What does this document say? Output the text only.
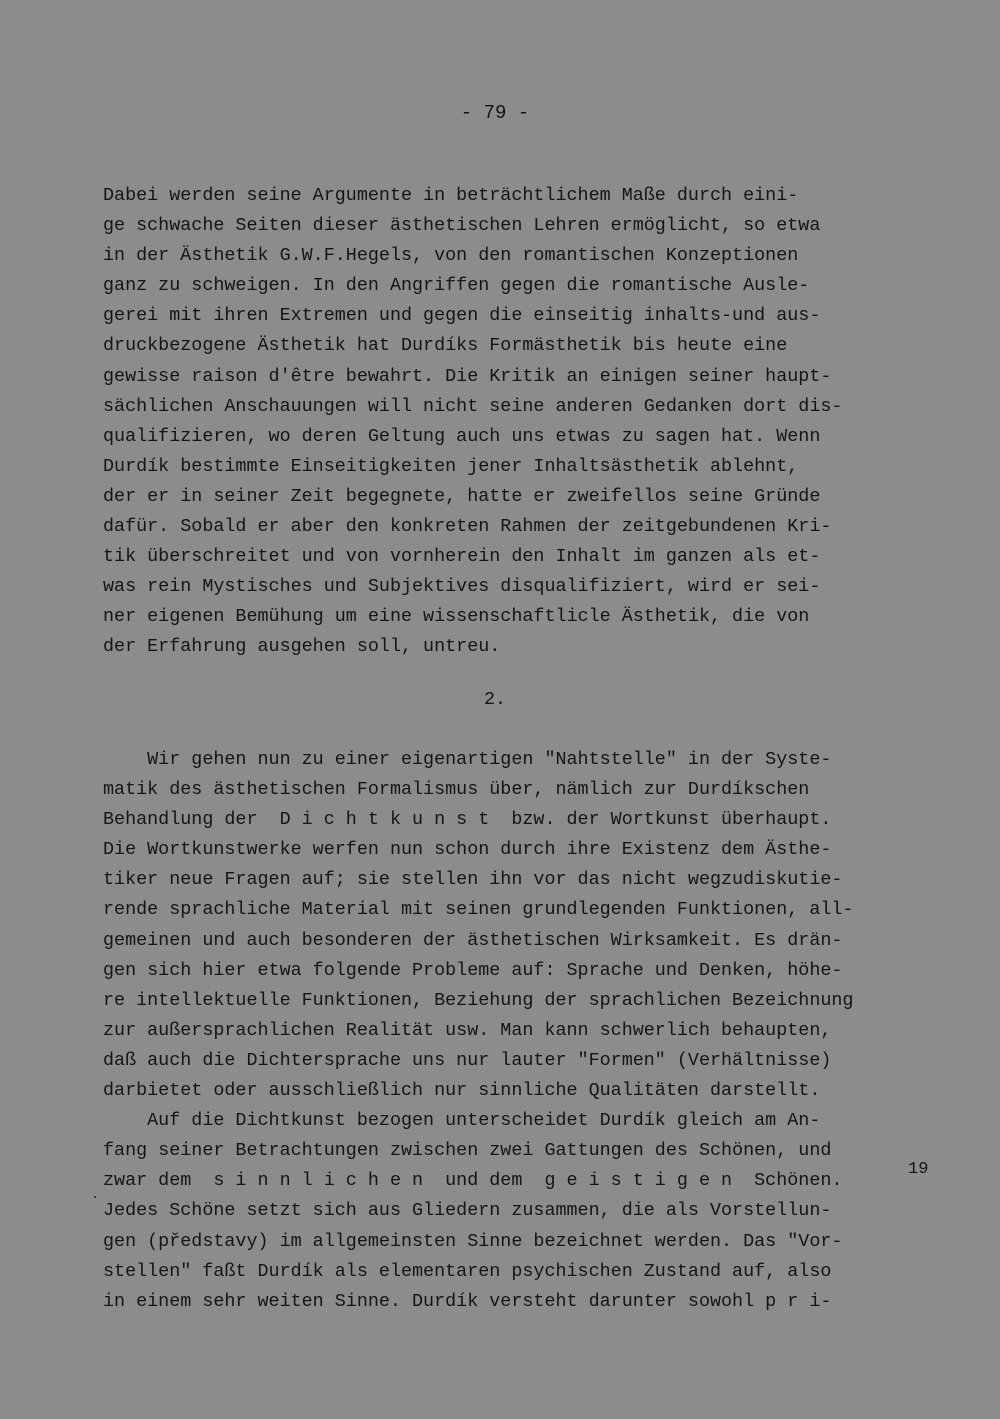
- 79 -
Dabei werden seine Argumente in beträchtlichem Maße durch eini-
ge schwache Seiten dieser ästhetischen Lehren ermöglicht, so etwa
in der Ästhetik G.W.F.Hegels, von den romantischen Konzeptionen
ganz zu schweigen. In den Angriffen gegen die romantische Ausle-
gerei mit ihren Extremen und gegen die einseitig inhalts-und aus-
druckbezogene Ästhetik hat Durdíks Formästhetik bis heute eine
gewisse raison d'être bewahrt. Die Kritik an einigen seiner haupt-
sächlichen Anschauungen will nicht seine anderen Gedanken dort dis-
qualifizieren, wo deren Geltung auch uns etwas zu sagen hat. Wenn
Durdík bestimmte Einseitigkeiten jener Inhaltsästhetik ablehnt,
der er in seiner Zeit begegnete, hatte er zweifellos seine Gründe
dafür. Sobald er aber den konkreten Rahmen der zeitgebundenen Kri-
tik überschreitet und von vornherein den Inhalt im ganzen als et-
was rein Mystisches und Subjektives disqualifiziert, wird er sei-
ner eigenen Bemühung um eine wissenschaftlicle Ästhetik, die von
der Erfahrung ausgehen soll, untreu.
2.
Wir gehen nun zu einer eigenartigen "Nahtstelle" in der Syste-
matik des ästhetischen Formalismus über, nämlich zur Durdíkschen
Behandlung der  D i c h t k u n s t  bzw. der Wortkunst überhaupt.
Die Wortkunstwerke werfen nun schon durch ihre Existenz dem Ästhe-
tiker neue Fragen auf; sie stellen ihn vor das nicht wegzudiskutie-
rende sprachliche Material mit seinen grundlegenden Funktionen, all-
gemeinen und auch besonderen der ästhetischen Wirksamkeit. Es drän-
gen sich hier etwa folgende Probleme auf: Sprache und Denken, höhe-
re intellektuelle Funktionen, Beziehung der sprachlichen Bezeichnung
zur außersprachlichen Realität usw. Man kann schwerlich behaupten,
daß auch die Dichtersprache uns nur lauter "Formen" (Verhältnisse)
darbietet oder ausschließlich nur sinnliche Qualitäten darstellt.
Auf die Dichtkunst bezogen unterscheidet Durdík gleich am An-
fang seiner Betrachtungen zwischen zwei Gattungen des Schönen, und
zwar dem  s i n n l i c h e n  und dem  g e i s t i g e n  Schönen.
Jedes Schöne setzt sich aus Gliedern zusammen, die als Vorstellun-
gen (představy) im allgemeinsten Sinne bezeichnet werden. Das "Vor-
stellen" faßt Durdík als elementaren psychischen Zustand auf, also
in einem sehr weiten Sinne. Durdík versteht darunter sowohl p r i-
19
